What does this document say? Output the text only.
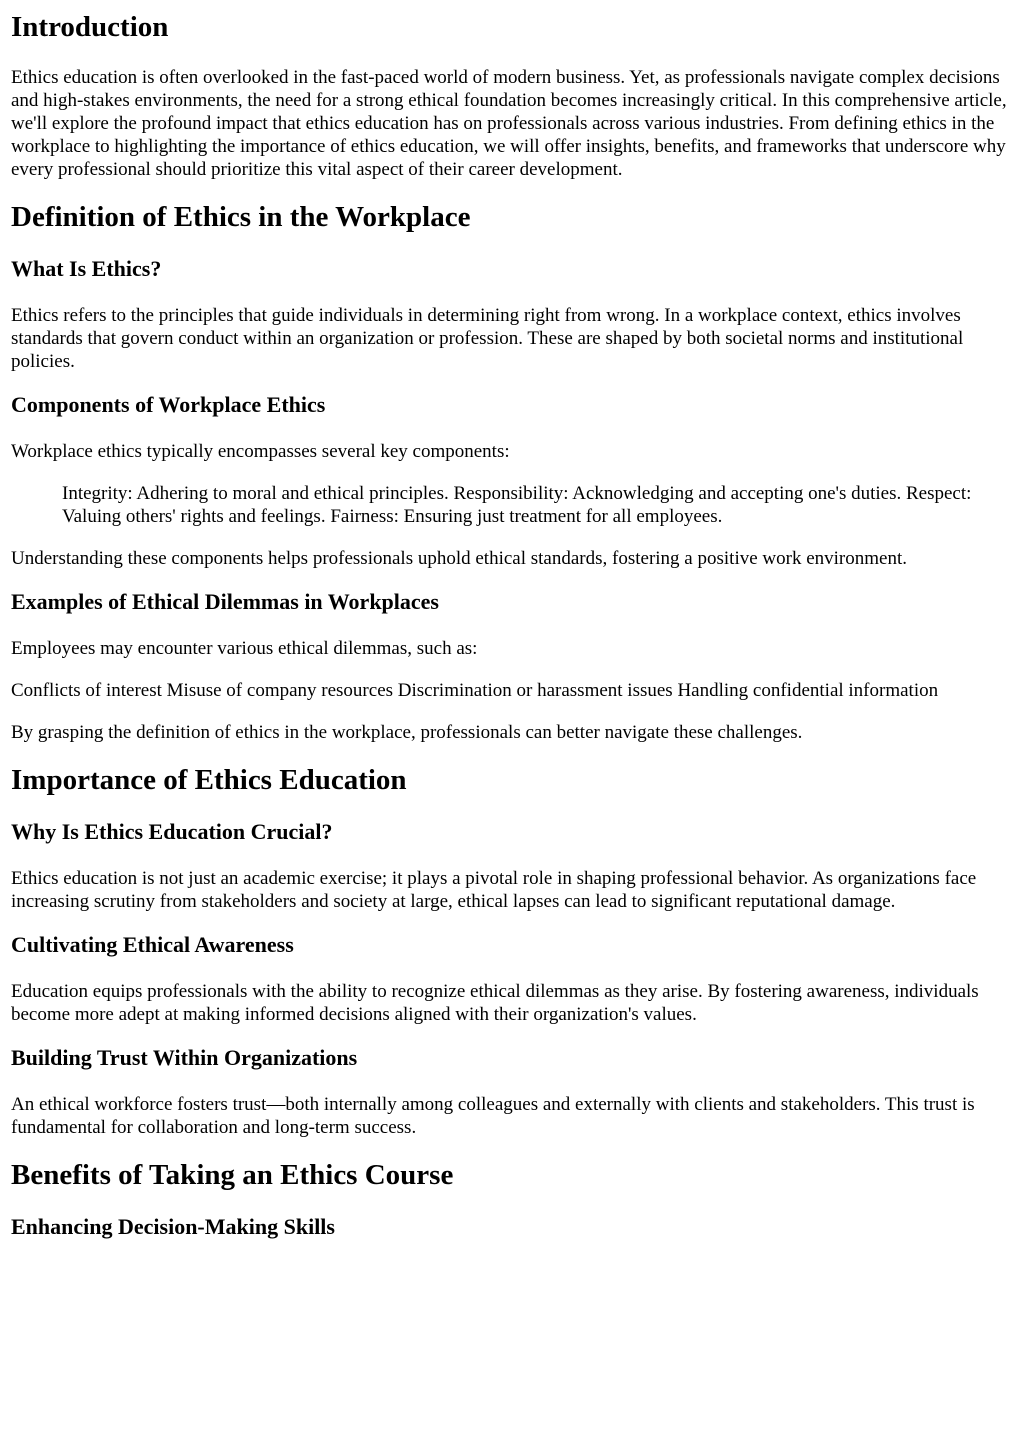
Introduction

Ethics education is often overlooked in the fast-paced world of modern business. Yet, as professionals navigate complex decisions and high-stakes environments, the need for a strong ethical foundation becomes increasingly critical. In this comprehensive article, we'll explore the profound impact that ethics education has on professionals across various industries. From defining ethics in the workplace to highlighting the importance of ethics education, we will offer insights, benefits, and frameworks that underscore why every professional should prioritize this vital aspect of their career development.

Definition of Ethics in the Workplace
What Is Ethics?

Ethics refers to the principles that guide individuals in determining right from wrong. In a workplace context, ethics involves standards that govern conduct within an organization or profession. These are shaped by both societal norms and institutional policies.

Components of Workplace Ethics

Workplace ethics typically encompasses several key components:

Integrity: Adhering to moral and ethical principles. Responsibility: Acknowledging and accepting one's duties. Respect: Valuing others' rights and feelings. Fairness: Ensuring just treatment for all employees.

Understanding these components helps professionals uphold ethical standards, fostering a positive work environment.

Examples of Ethical Dilemmas in Workplaces

Employees may encounter various ethical dilemmas, such as:

Conflicts of interest Misuse of company resources Discrimination or harassment issues Handling confidential information

By grasping the definition of ethics in the workplace, professionals can better navigate these challenges.

Importance of Ethics Education
Why Is Ethics Education Crucial?

Ethics education is not just an academic exercise; it plays a pivotal role in shaping professional behavior. As organizations face increasing scrutiny from stakeholders and society at large, ethical lapses can lead to significant reputational damage.

Cultivating Ethical Awareness

Education equips professionals with the ability to recognize ethical dilemmas as they arise. By fostering awareness, individuals become more adept at making informed decisions aligned with their organization's values.

Building Trust Within Organizations

An ethical workforce fosters trust—both internally among colleagues and externally with clients and stakeholders. This trust is fundamental for collaboration and long-term success.

Benefits of Taking an Ethics Course
Enhancing Decision-Making Skills
